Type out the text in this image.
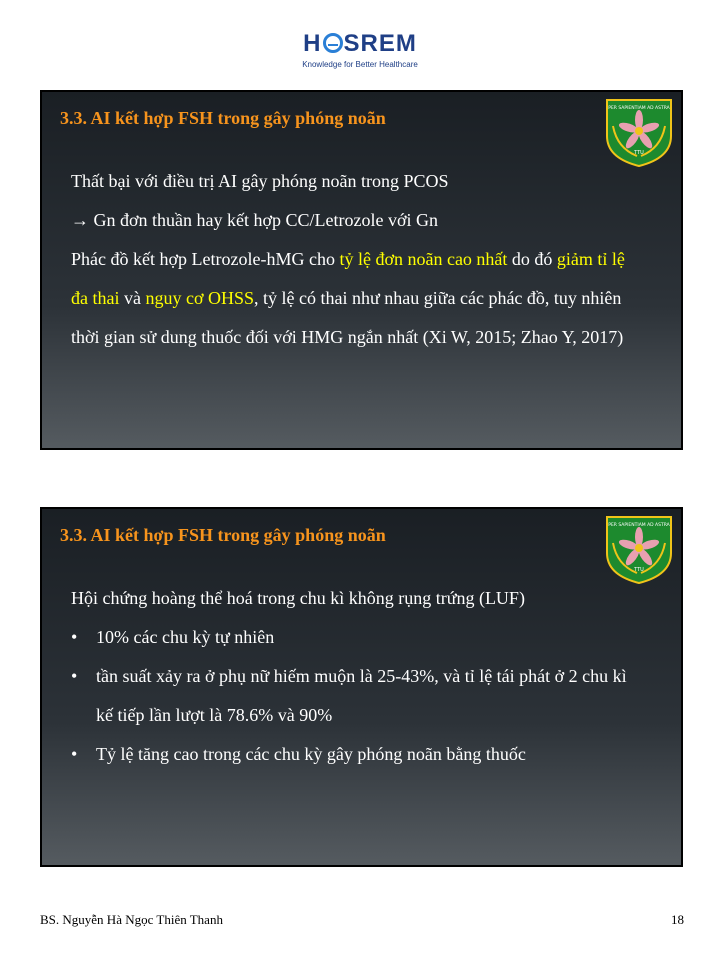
H SREM
Knowledge for Better Healthcare
3.3. AI kết hợp FSH trong gây phóng noãn	PER SAPIENTIAM AD ASTRA
TTU

Thất bại với điều trị AI gây phóng noãn trong PCOS

→ Gn đơn thuần hay kết hợp CC/Letrozole với Gn

Phác đồ kết hợp Letrozole-hMG cho tỷ lệ đơn noãn cao nhất do đó giảm tỉ lệ đa thai và nguy cơ OHSS, tỷ lệ có thai như nhau giữa các phác đồ, tuy nhiên thời gian sử dung thuốc đối với HMG ngắn nhất (Xi W, 2015; Zhao Y, 2017)

3.3. AI kết hợp FSH trong gây phóng noãn	PER SAPIENTIAM AD ASTRA
TTU

Hội chứng hoàng thể hoá trong chu kì không rụng trứng (LUF)

• 10% các chu kỳ tự nhiên

• tần suất xảy ra ở phụ nữ hiếm muộn là 25-43%, và tỉ lệ tái phát ở 2 chu kì kế tiếp lần lượt là 78.6% và 90%

• Tỷ lệ tăng cao trong các chu kỳ gây phóng noãn bằng thuốc

BS. Nguyễn Hà Ngọc Thiên Thanh	18
